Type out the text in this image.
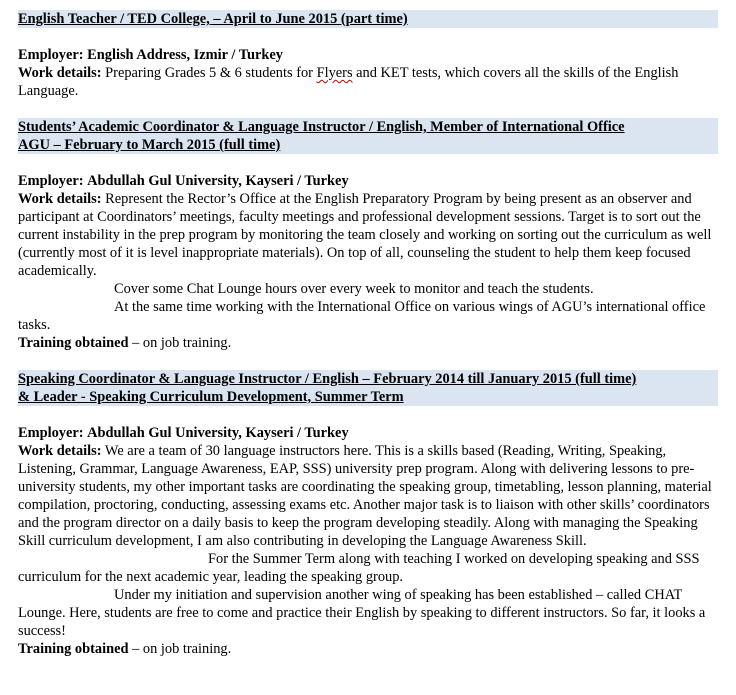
English Teacher / TED College, – April to June 2015 (part time)

Employer: English Address, Izmir / Turkey

Work details: Preparing Grades 5 & 6 students for Flyers and KET tests, which covers all the skills of the English Language.

Students’ Academic Coordinator & Language Instructor / English, Member of International Office
AGU – February to March 2015 (full time)

Employer: Abdullah Gul University, Kayseri / Turkey

Work details: Represent the Rector’s Office at the English Preparatory Program by being present as an observer and participant at Coordinators’ meetings, faculty meetings and professional development sessions. Target is to sort out the current instability in the prep program by monitoring the team closely and working on sorting out the curriculum as well (currently most of it is level inappropriate materials). On top of all, counseling the student to help them keep focused academically.

Cover some Chat Lounge hours over every week to monitor and teach the students.

At the same time working with the International Office on various wings of AGU’s international office tasks.

Training obtained – on job training.

Speaking Coordinator & Language Instructor / English – February 2014 till January 2015 (full time)
& Leader - Speaking Curriculum Development, Summer Term

Employer: Abdullah Gul University, Kayseri / Turkey

Work details: We are a team of 30 language instructors here. This is a skills based (Reading, Writing, Speaking, Listening, Grammar, Language Awareness, EAP, SSS) university prep program. Along with delivering lessons to pre-university students, my other important tasks are coordinating the speaking group, timetabling, lesson planning, material compilation, proctoring, conducting, assessing exams etc. Another major task is to liaison with other skills’ coordinators and the program director on a daily basis to keep the program developing steadily. Along with managing the Speaking Skill curriculum development, I am also contributing in developing the Language Awareness Skill.

For the Summer Term along with teaching I worked on developing speaking and SSS curriculum for the next academic year, leading the speaking group.

Under my initiation and supervision another wing of speaking has been established – called CHAT Lounge. Here, students are free to come and practice their English by speaking to different instructors. So far, it looks a success!

Training obtained – on job training.
